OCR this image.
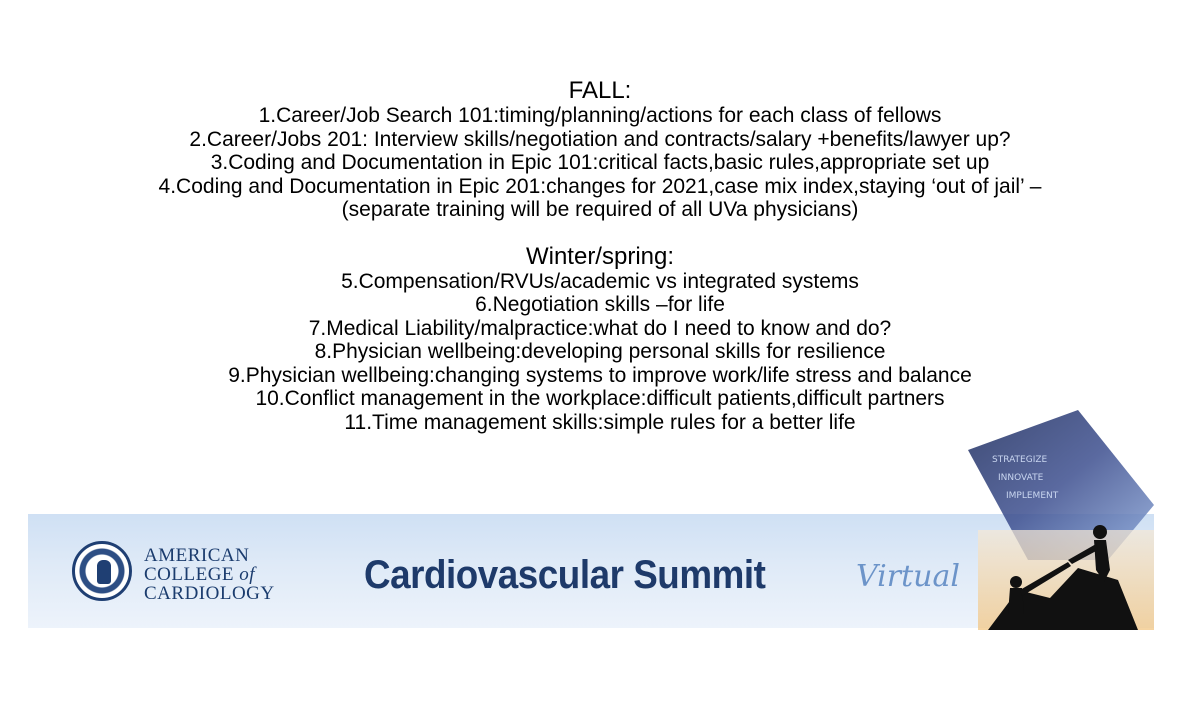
FALL:

1.Career/Job Search 101:timing/planning/actions for each class of fellows

2.Career/Jobs 201: Interview skills/negotiation and contracts/salary +benefits/lawyer up?

3.Coding and Documentation in Epic 101:critical facts,basic rules,appropriate set up

4.Coding and Documentation in Epic 201:changes for 2021,case mix index,staying ‘out of jail’ –(separate training will be required of all UVa physicians)

Winter/spring:

5.Compensation/RVUs/academic vs integrated systems

6.Negotiation skills –for life

7.Medical Liability/malpractice:what do I need to know and do?

8.Physician wellbeing:developing personal skills for resilience

9.Physician wellbeing:changing systems to improve work/life stress and balance

10.Conflict management in the workplace:difficult patients,difficult partners

11.Time management skills:simple rules for a better life

AMERICAN
COLLEGE of
CARDIOLOGY Cardiovascular Summit	Virtual
STRATEGIZE
INNOVATE
IMPLEMENT
